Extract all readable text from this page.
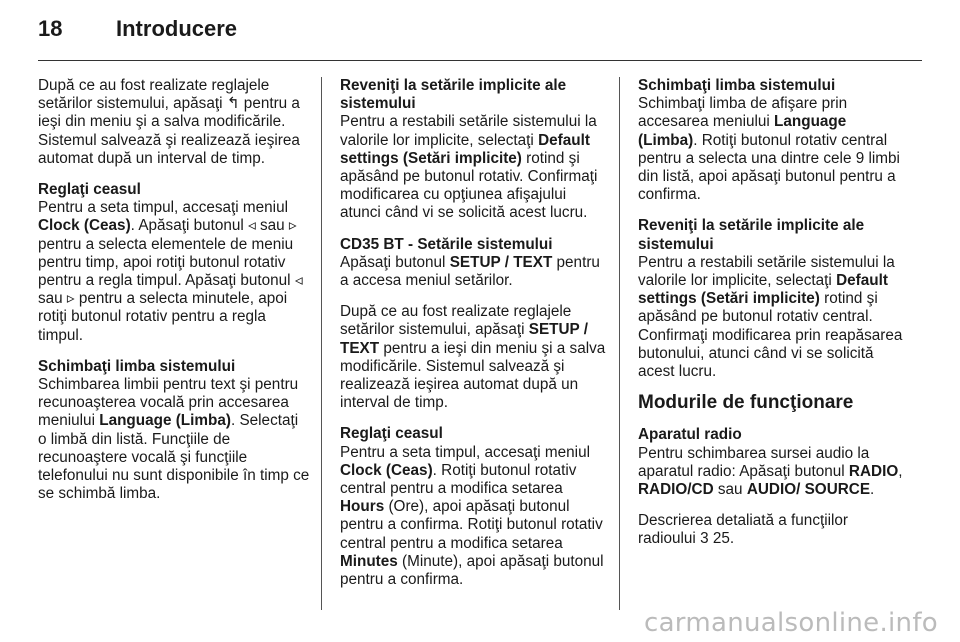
18 Introducere

După ce au fost realizate reglajele setărilor sistemului, apăsaţi ↰ pentru a ieşi din meniu şi a salva modificările. Sistemul salvează şi realizează ieşirea automat după un interval de timp.

Reglaţi ceasul
Pentru a seta timpul, accesaţi meniul Clock (Ceas). Apăsaţi butonul ◃ sau ▹ pentru a selecta elementele de meniu pentru timp, apoi rotiţi butonul rotativ pentru a regla timpul. Apăsaţi butonul ◃ sau ▹ pentru a selecta minutele, apoi rotiţi butonul rotativ pentru a regla timpul.

Schimbaţi limba sistemului
Schimbarea limbii pentru text şi pentru recunoaşterea vocală prin accesarea meniului Language (Limba). Selectaţi o limbă din listă. Funcţiile de recunoaştere vocală şi funcţiile telefonului nu sunt disponibile în timp ce se schimbă limba.

Reveniţi la setările implicite ale sistemului
Pentru a restabili setările sistemului la valorile lor implicite, selectaţi Default settings (Setări implicite) rotind şi apăsând pe butonul rotativ. Confirmaţi modificarea cu opţiunea afişajului atunci când vi se solicită acest lucru.

CD35 BT - Setările sistemului
Apăsaţi butonul SETUP / TEXT pentru a accesa meniul setărilor.

După ce au fost realizate reglajele setărilor sistemului, apăsaţi SETUP / TEXT pentru a ieşi din meniu şi a salva modificările. Sistemul salvează şi realizează ieşirea automat după un interval de timp.

Reglaţi ceasul
Pentru a seta timpul, accesaţi meniul Clock (Ceas). Rotiţi butonul rotativ central pentru a modifica setarea Hours (Ore), apoi apăsaţi butonul pentru a confirma. Rotiţi butonul rotativ central pentru a modifica setarea Minutes (Minute), apoi apăsaţi butonul pentru a confirma.

Schimbaţi limba sistemului
Schimbaţi limba de afişare prin accesarea meniului Language (Limba). Rotiţi butonul rotativ central pentru a selecta una dintre cele 9 limbi din listă, apoi apăsaţi butonul pentru a confirma.

Reveniţi la setările implicite ale sistemului
Pentru a restabili setările sistemului la valorile lor implicite, selectaţi Default settings (Setări implicite) rotind şi apăsând pe butonul rotativ central. Confirmaţi modificarea prin reapăsarea butonului, atunci când vi se solicită acest lucru.

Modurile de funcţionare

Aparatul radio
Pentru schimbarea sursei audio la aparatul radio: Apăsaţi butonul RADIO, RADIO/CD sau AUDIO/ SOURCE.

Descrierea detaliată a funcţiilor radioului 3 25.

carmanualsonline.info
